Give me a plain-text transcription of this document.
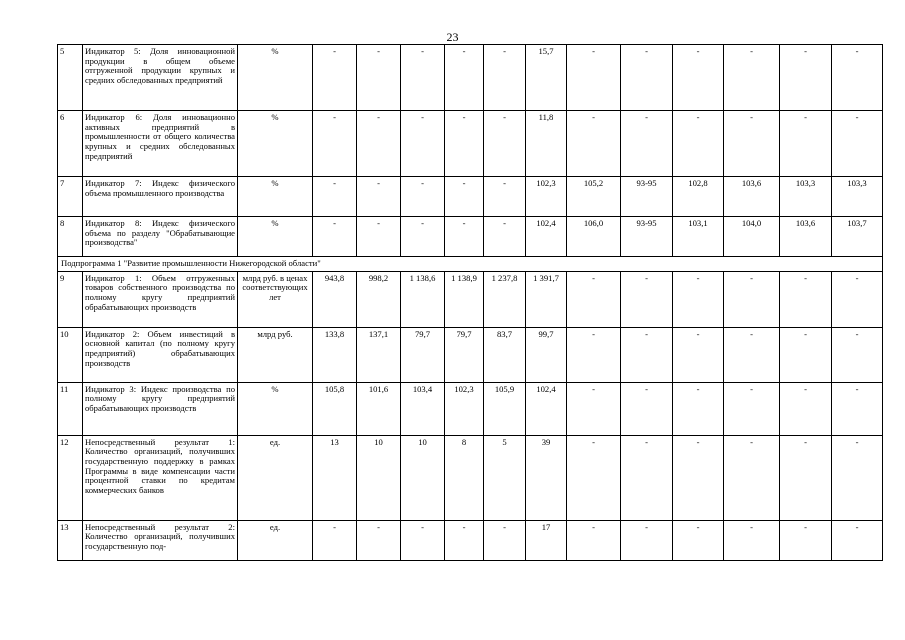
23
5	Индикатор 5: Доля инновационной продукции в общем объеме отгруженной продукции крупных и средних обследованных предприятий	%	-	-	-	-	-	15,7	-	-	-	-	-	-
6	Индикатор 6: Доля инновационно активных предприятий в промышленности от общего количества крупных и средних обследованных предприятий	%	-	-	-	-	-	11,8	-	-	-	-	-	-
7	Индикатор 7: Индекс физического объема промышленного производства	%	-	-	-	-	-	102,3	105,2	93-95	102,8	103,6	103,3	103,3
8	Индикатор 8: Индекс физического объема по разделу "Обрабатывающие производства"	%	-	-	-	-	-	102,4	106,0	93-95	103,1	104,0	103,6	103,7
Подпрограмма 1 "Развитие промышленности Нижегородской области"														
9	Индикатор 1: Объем отгруженных товаров собственного производства по полному кругу предприятий обрабатывающих производств	млрд руб. в ценах соответствующих лет	943,8	998,2	1 138,6	1 138,9	1 237,8	1 391,7	-	-	-	-	-	-
10	Индикатор 2: Объем инвестиций в основной капитал (по полному кругу предприятий) обрабатывающих производств	млрд руб.	133,8	137,1	79,7	79,7	83,7	99,7	-	-	-	-	-	-
11	Индикатор 3: Индекс производства по полному кругу предприятий обрабатывающих производств	%	105,8	101,6	103,4	102,3	105,9	102,4	-	-	-	-	-	-
12	Непосредственный результат 1: Количество организаций, получивших государственную поддержку в рамках Программы в виде компенсации части процентной ставки по кредитам коммерческих банков	ед.	13	10	10	8	5	39	-	-	-	-	-	-
13	Непосредственный результат 2: Количество организаций, получивших государственную под-	ед.	-	-	-	-	-	17	-	-	-	-	-	-
